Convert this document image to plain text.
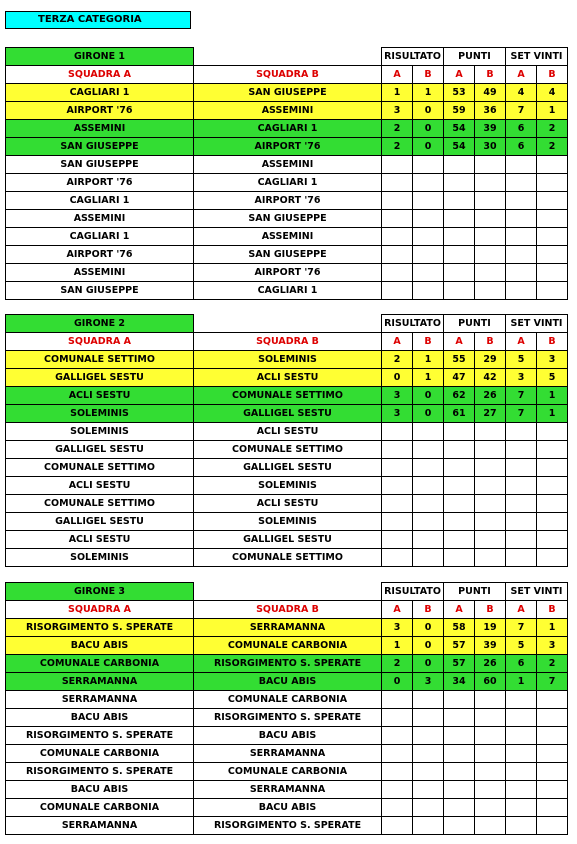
TERZA CATEGORIA
GIRONE 1		RISULTATO		PUNTI		SET VINTI	
SQUADRA A	SQUADRA B	A	B	A	B	A	B
CAGLIARI 1	SAN GIUSEPPE	1	1	53	49	4	4
AIRPORT '76	ASSEMINI	3	0	59	36	7	1
ASSEMINI	CAGLIARI 1	2	0	54	39	6	2
SAN GIUSEPPE	AIRPORT '76	2	0	54	30	6	2
SAN GIUSEPPE	ASSEMINI						
AIRPORT '76	CAGLIARI 1						
CAGLIARI 1	AIRPORT '76						
ASSEMINI	SAN GIUSEPPE						
CAGLIARI 1	ASSEMINI						
AIRPORT '76	SAN GIUSEPPE						
ASSEMINI	AIRPORT '76						
SAN GIUSEPPE	CAGLIARI 1						
GIRONE 2		RISULTATO		PUNTI		SET VINTI	
SQUADRA A	SQUADRA B	A	B	A	B	A	B
COMUNALE SETTIMO	SOLEMINIS	2	1	55	29	5	3
GALLIGEL SESTU	ACLI SESTU	0	1	47	42	3	5
ACLI SESTU	COMUNALE SETTIMO	3	0	62	26	7	1
SOLEMINIS	GALLIGEL SESTU	3	0	61	27	7	1
SOLEMINIS	ACLI SESTU						
GALLIGEL SESTU	COMUNALE SETTIMO						
COMUNALE SETTIMO	GALLIGEL SESTU						
ACLI SESTU	SOLEMINIS						
COMUNALE SETTIMO	ACLI SESTU						
GALLIGEL SESTU	SOLEMINIS						
ACLI SESTU	GALLIGEL SESTU						
SOLEMINIS	COMUNALE SETTIMO						
GIRONE 3		RISULTATO		PUNTI		SET VINTI	
SQUADRA A	SQUADRA B	A	B	A	B	A	B
RISORGIMENTO S. SPERATE	SERRAMANNA	3	0	58	19	7	1
BACU ABIS	COMUNALE CARBONIA	1	0	57	39	5	3
COMUNALE CARBONIA	RISORGIMENTO S. SPERATE	2	0	57	26	6	2
SERRAMANNA	BACU ABIS	0	3	34	60	1	7
SERRAMANNA	COMUNALE CARBONIA						
BACU ABIS	RISORGIMENTO S. SPERATE						
RISORGIMENTO S. SPERATE	BACU ABIS						
COMUNALE CARBONIA	SERRAMANNA						
RISORGIMENTO S. SPERATE	COMUNALE CARBONIA						
BACU ABIS	SERRAMANNA						
COMUNALE CARBONIA	BACU ABIS						
SERRAMANNA	RISORGIMENTO S. SPERATE						
